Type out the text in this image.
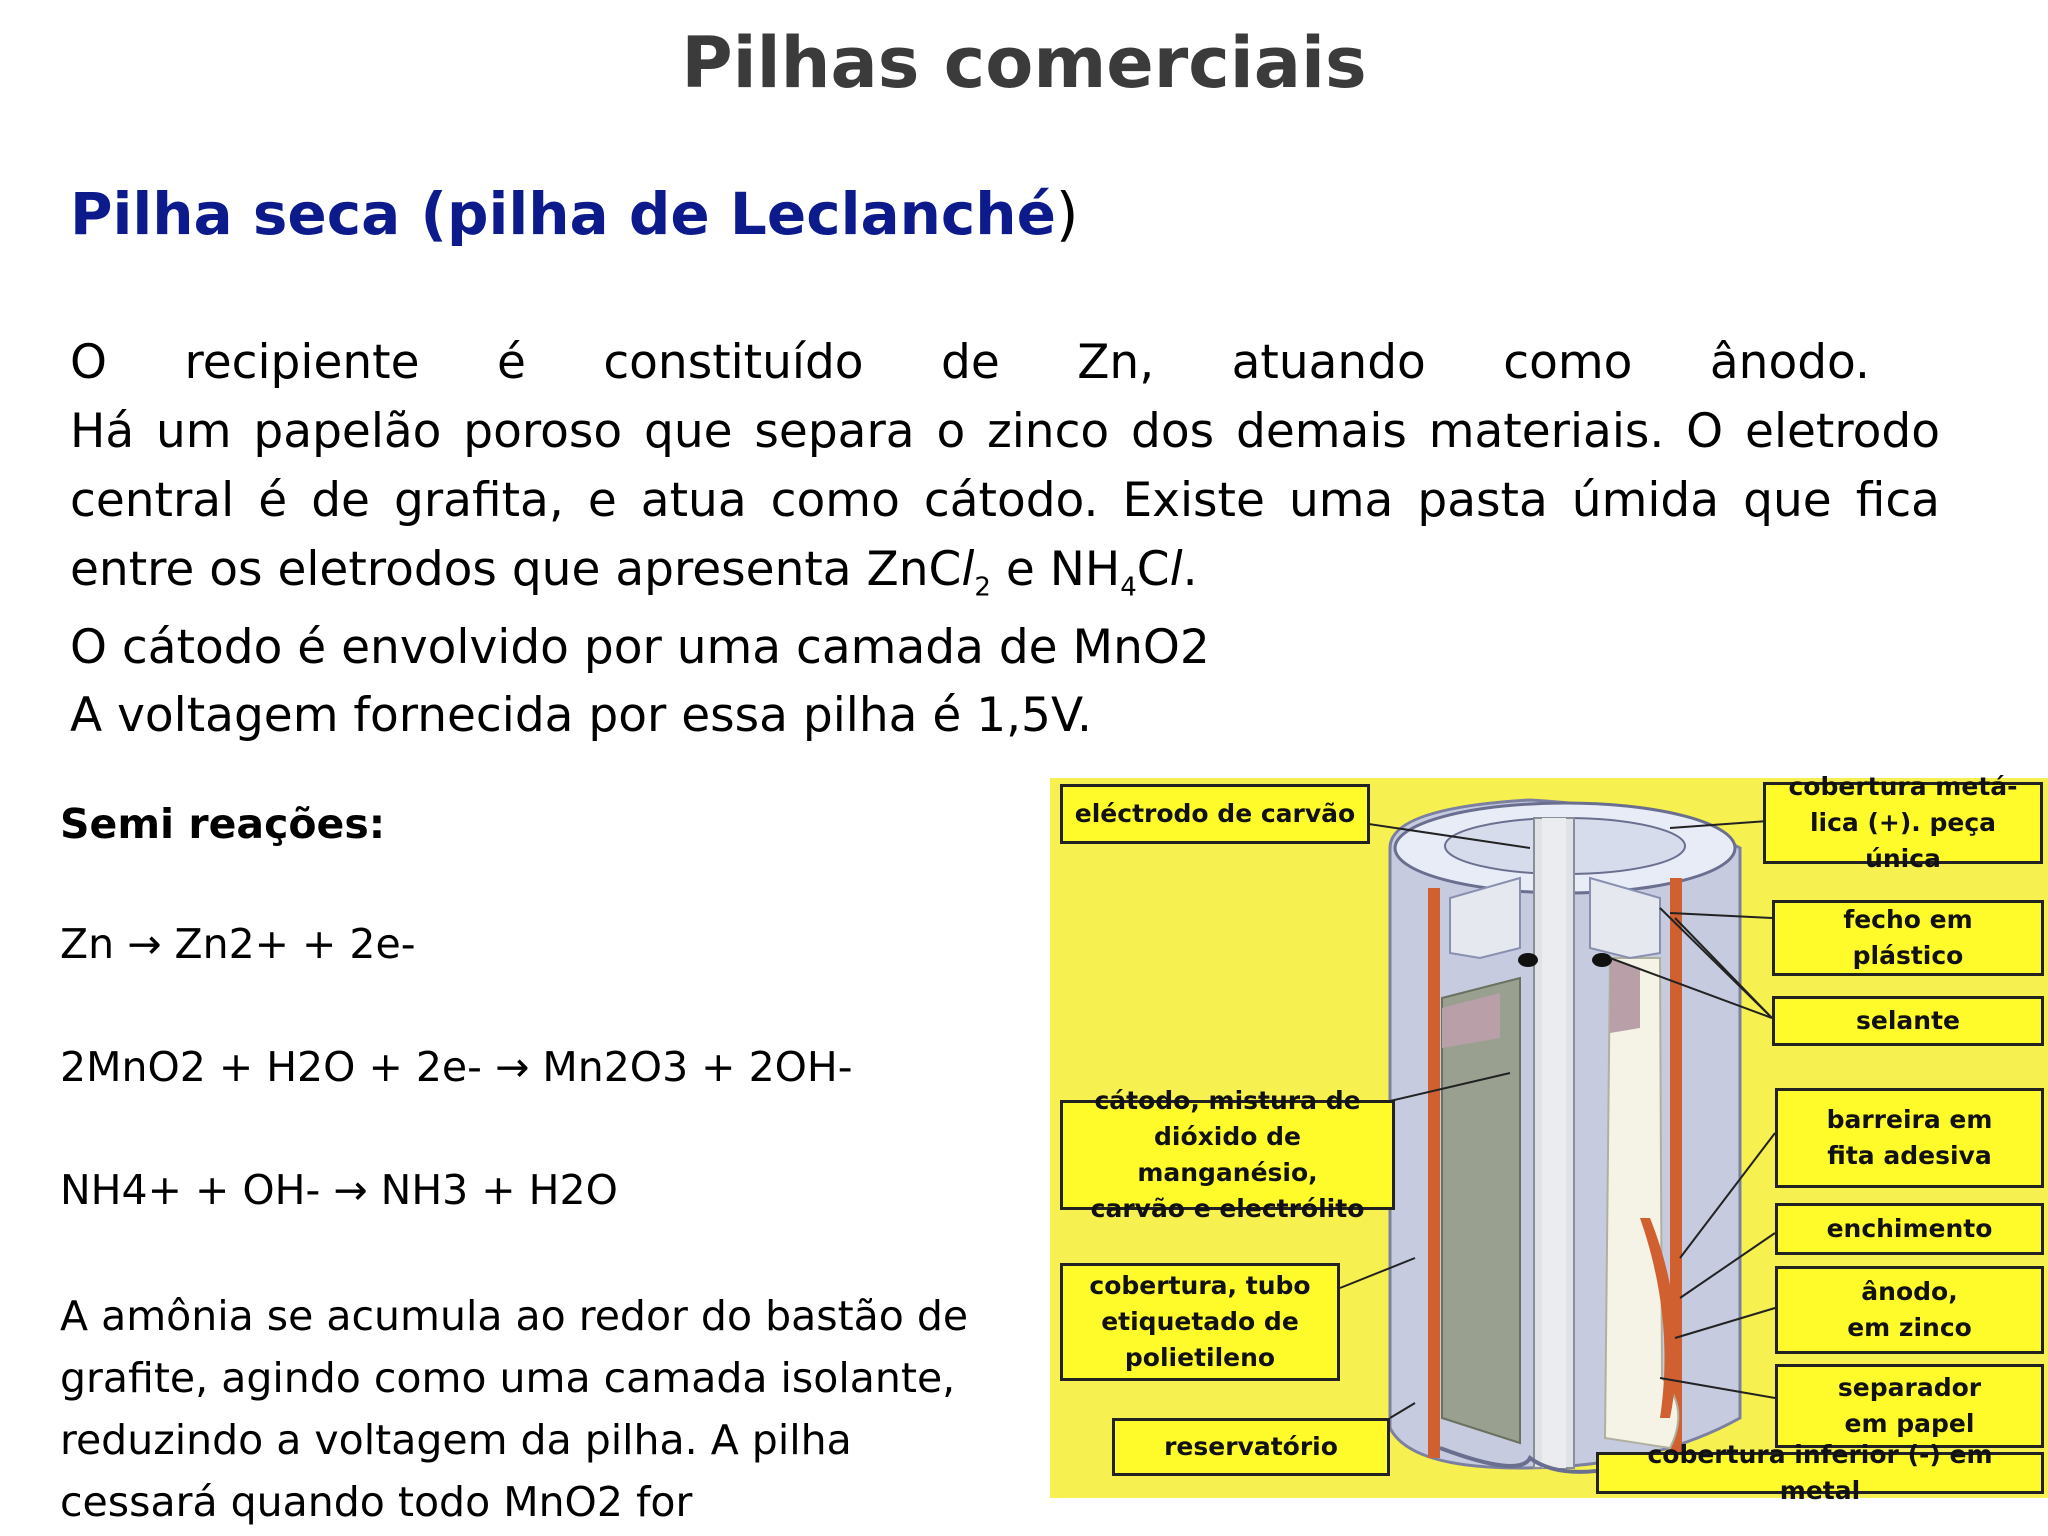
Pilhas comerciais
Pilha seca (pilha de Leclanché)
O recipiente é constituído de Zn, atuando como ânodo.
Há um papelão poroso que separa o zinco dos demais materiais. O eletrodo central é de grafita, e atua como cátodo. Existe uma pasta úmida que fica entre os eletrodos que apresenta ZnCl$_2$ e $NH_4Cl$.
O cátodo é envolvido por uma camada de MnO2
A voltagem fornecida por essa pilha é 1,5V.
Semi reações:
Zn → Zn2+ + 2e-
2MnO2 + H2O + 2e- → Mn2O3 + 2OH-
NH4+ + OH- → NH3 + H2O
A amônia se acumula ao redor do bastão de grafite, agindo como uma camada isolante, reduzindo a voltagem da pilha. A pilha cessará quando todo MnO2 for
eléctrodo de carvão
cobertura metá-
lica (+). peça única
fecho em
plástico
selante
barreira em
fita adesiva
cátodo, mistura de
dióxido de manganésio,
carvão e electrólito
enchimento
ânodo,
em zinco
cobertura, tubo
etiquetado de
polietileno
separador
em papel
reservatório	cobertura inferior (-) em metal
